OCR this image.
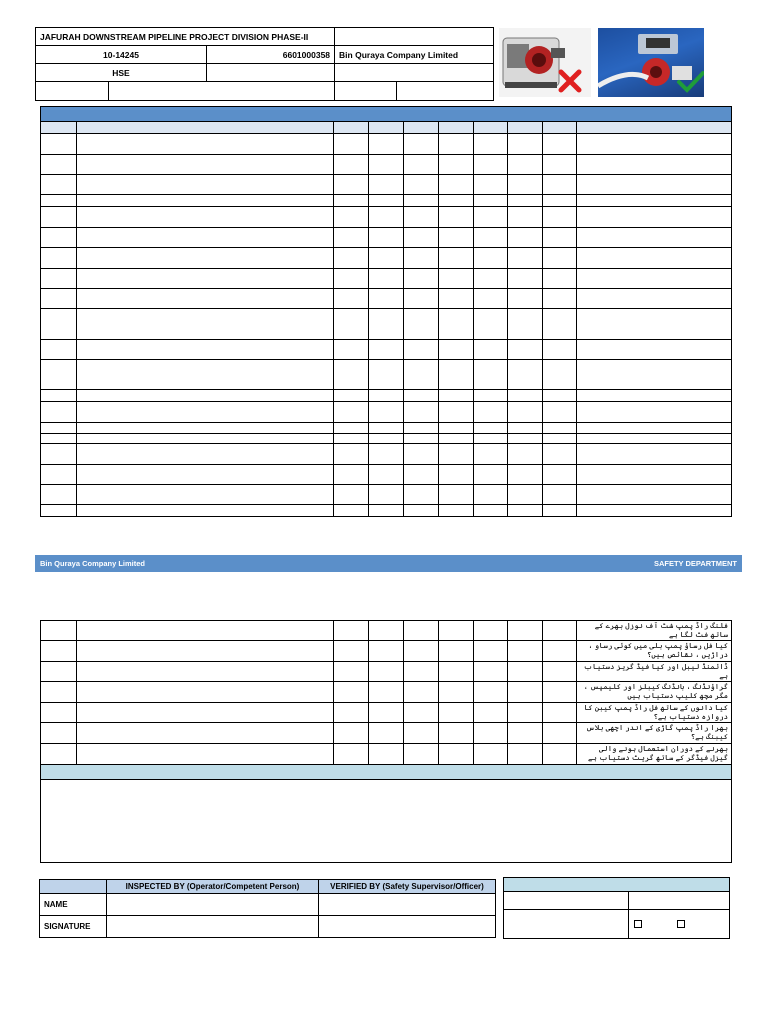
JAFURAH DOWNSTREAM PIPELINE PROJECT DIVISION PHASE-II				
10-14245		6601000358	Bin Quraya Company Limited	
HSE				

Bin Quraya Company Limited	SAFETY DEPARTMENT
									فلنگ راڈ پمپ شٹ آف نوزل بھرے کے ساتھ فٹ لگا ہے
									کیا فل رساؤ پمپ بلی میں کوئی رساو ، دراڑیں ، نقائص ہیں؟
									ڈائمنڈ لیبل اور کیا فیڈ گریز دستیاب ہے
									گراؤنڈنگ ، بانڈنگ کیبلز اور کلیمپس ، مگر مچھ کلیپ دستیاب ہیں
									کیا دانوں کے ساتھ فل راڈ پمپ کیبن کا دروازہ دستیاب ہے؟
									بھرا راڈ پمپ گاڑی کے اندر اچھی بلاس کیبنگ ہے؟
									بھرنے کے دوران استعمال ہونے والی گیزل فیڈگر کے ساتھ گریٹ دستیاب ہے

	INSPECTED BY (Operator/Competent Person)	VERIFIED BY (Safety Supervisor/Officer)
NAME		
SIGNATURE		
